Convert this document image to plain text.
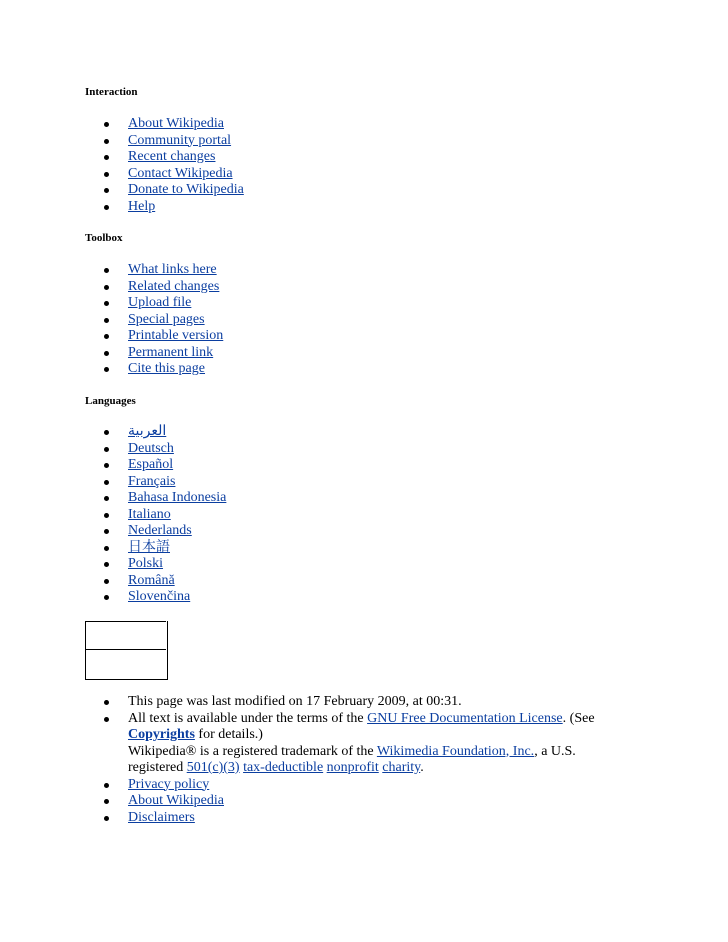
Interaction
About Wikipedia
Community portal
Recent changes
Contact Wikipedia
Donate to Wikipedia
Help
Toolbox
What links here
Related changes
Upload file
Special pages
Printable version
Permanent link
Cite this page
Languages
العربية
Deutsch
Español
Français
Bahasa Indonesia
Italiano
Nederlands
日本語
Polski
Română
Slovenčina
This page was last modified on 17 February 2009, at 00:31.
All text is available under the terms of the GNU Free Documentation License. (See
Copyrights for details.)
Wikipedia® is a registered trademark of the Wikimedia Foundation, Inc., a U.S. registered 501(c)(3) tax-deductible nonprofit charity.
Privacy policy
About Wikipedia
Disclaimers
